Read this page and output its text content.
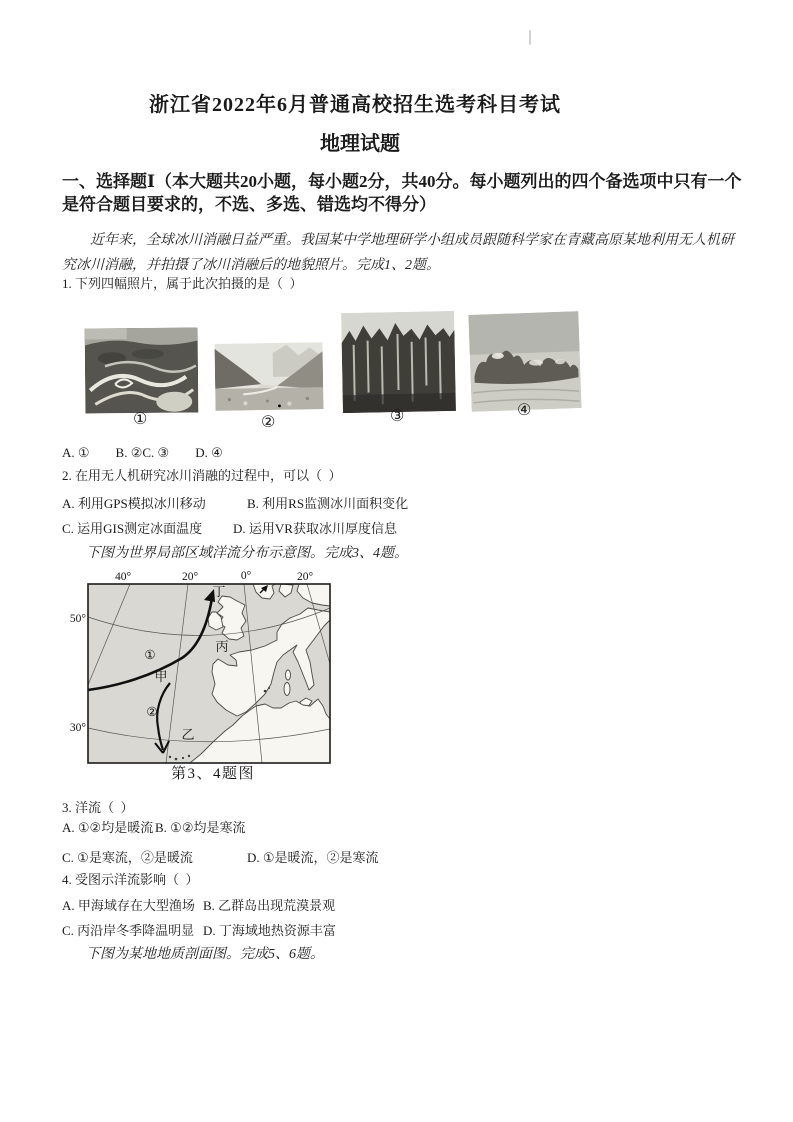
浙江省2022年6月普通高校招生选考科目考试
地理试题
一、选择题Ⅰ（本大题共20小题，每小题2分，共40分。每小题列出的四个备选项中只有一个是符合题目要求的，不选、多选、错选均不得分）
近年来，全球冰川消融日益严重。我国某中学地理研学小组成员跟随科学家在青藏高原某地利用无人机研究冰川消融，并拍摄了冰川消融后的地貌照片。完成1、2题。
1. 下列四幅照片，属于此次拍摄的是（  ）
①	②	③	④
A. ①　　B. ②C. ③　　D. ④
2. 在用无人机研究冰川消融的过程中，可以（  ）
A. 利用GPS模拟冰川移动	B. 利用RS监测冰川面积变化
C. 运用GIS测定冰面温度 D. 运用VR获取冰川厚度信息
下图为世界局部区域洋流分布示意图。完成3、4题。
40°	20°	0°	20°
50°
30°
丁
丙
甲
乙
①
②
第3、4题图
3. 洋流（  ）
A. ①②均是暖流 B. ①②均是寒流
C. ①是寒流，②是暖流	D. ①是暖流，②是寒流
4. 受图示洋流影响（  ）
A. 甲海域存在大型渔场 B. 乙群岛出现荒漠景观
C. 丙沿岸冬季降温明显 D. 丁海域地热资源丰富
下图为某地地质剖面图。完成5、6题。
